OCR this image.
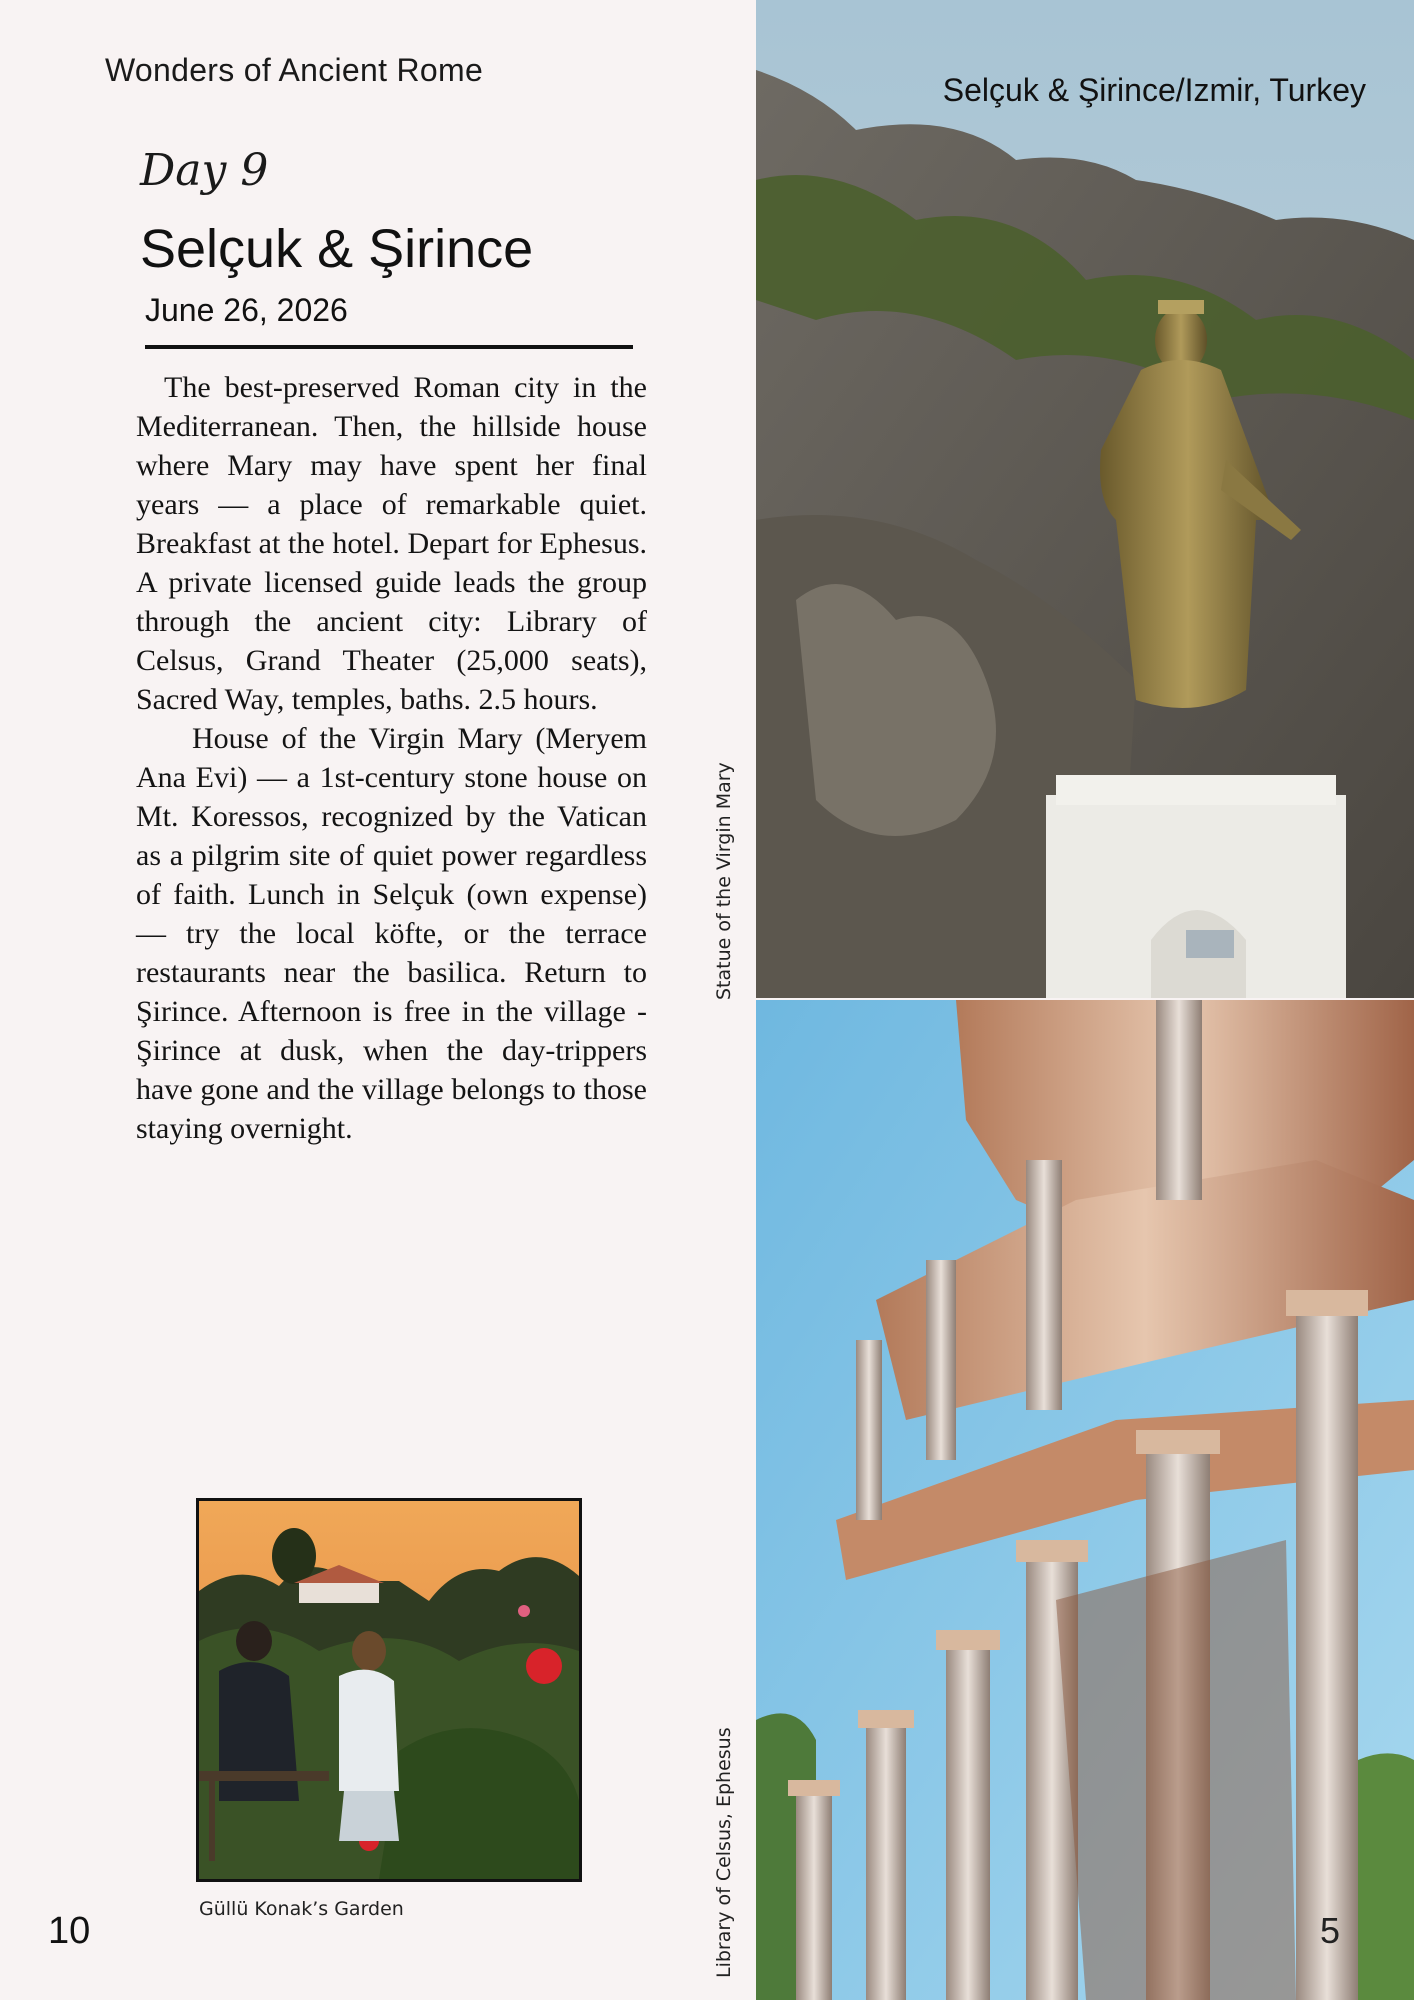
Wonders of Ancient Rome
Day 9
Selçuk & Şirince
June 26, 2026

The best-preserved Roman city in the Mediterranean. Then, the hillside house where Mary may have spent her final years — a place of remarkable quiet. Breakfast at the hotel. Depart for Ephesus. A private licensed guide leads the group through the ancient city: Library of Celsus, Grand Theater (25,000 seats), Sacred Way, temples, baths. 2.5 hours.

House of the Virgin Mary (Meryem Ana Evi) — a 1st-century stone house on Mt. Koressos, recognized by the Vatican as a pilgrim site of quiet power regardless of faith. Lunch in Selçuk (own expense) — try the local köfte, or the terrace restaurants near the basilica. Return to Şirince. Afternoon is free in the village - Şirince at dusk, when the day-trippers have gone and the village belongs to those staying overnight.

Güllü Konak’s Garden
10
Statue of the Virgin Mary
Library of Celsus, Ephesus
Selçuk & Şirince/Izmir, Turkey
5
